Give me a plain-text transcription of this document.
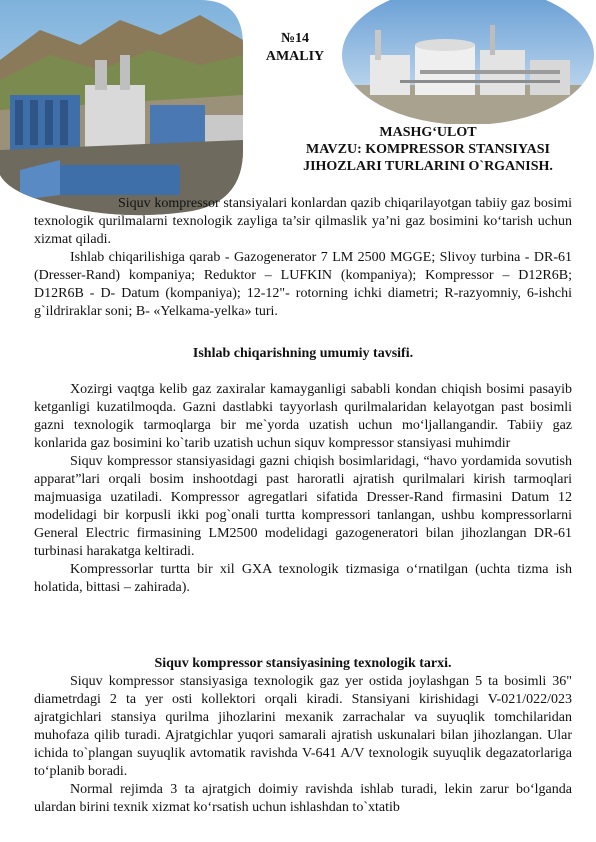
№14
AMALIY
MASHG‘ULOT
MAVZU: KOMPRESSOR STANSIYASI
JIHOZLARI TURLARINI O`RGANISH.

Siquv kompressor stansiyalari konlardan qazib chiqarilayotgan tabiiy gaz bosimi texnologik qurilmalarni texnologik zayliga ta’sir qilmaslik ya’ni gaz bosimini ko‘tarish uchun xizmat qiladi.

Ishlab chiqarilishiga qarab - Gazogenerator 7 LM 2500 MGGE; Slivoy turbina - DR-61 (Dresser-Rand) kompaniya; Reduktor – LUFKIN (kompaniya); Kompressor – D12R6B; D12R6B - D- Datum (kompaniya); 12-12"- rotorning ichki diametri; R-razyomniy, 6-ishchi g`ildriraklar soni; B- «Yelkama-yelka» turi.

Ishlab chiqarishning umumiy tavsifi.

Xozirgi vaqtga kelib gaz zaxiralar kamayganligi sababli kondan chiqish bosimi pasayib ketganligi kuzatilmoqda. Gazni dastlabki tayyorlash qurilmalaridan kelayotgan past bosimli gazni texnologik tarmoqlarga bir me`yorda uzatish uchun mo‘ljallangandir. Tabiiy gaz konlarida gaz bosimini ko`tarib uzatish uchun siquv kompressor stansiyasi muhimdir

Siquv kompressor stansiyasidagi gazni chiqish bosimlaridagi, “havo yordamida sovutish apparat”lari orqali bosim inshootdagi past haroratli ajratish qurilmalari kirish tarmoqlari majmuasiga uzatiladi. Kompressor agregatlari sifatida Dresser-Rand firmasini Datum 12 modelidagi bir korpusli ikki pog`onali turtta kompressori tanlangan, ushbu kompressorlarni General Electric firmasining LM2500 modelidagi gazogeneratori bilan jihozlangan DR-61 turbinasi harakatga keltiradi.

Kompressorlar turtta bir xil GXA texnologik tizmasiga o‘rnatilgan (uchta tizma ish holatida, bittasi – zahirada).

Siquv kompressor stansiyasining texnologik tarxi.

Siquv kompressor stansiyasiga texnologik gaz yer ostida joylashgan 5 ta bosimli 36" diametrdagi 2 ta yer osti kollektori orqali kiradi. Stansiyani kirishidagi V-021/022/023 ajratgichlari stansiya qurilma jihozlarini mexanik zarrachalar va suyuqlik tomchilaridan muhofaza qilib turadi. Ajratgichlar yuqori samarali ajratish uskunalari bilan jihozlangan. Ular ichida to`plangan suyuqlik avtomatik ravishda V-641 A/V texnologik suyuqlik degazatorlariga to‘planib boradi.

Normal rejimda 3 ta ajratgich doimiy ravishda ishlab turadi, lekin zarur bo‘lganda ulardan birini texnik xizmat ko‘rsatish uchun ishlashdan to`xtatib
